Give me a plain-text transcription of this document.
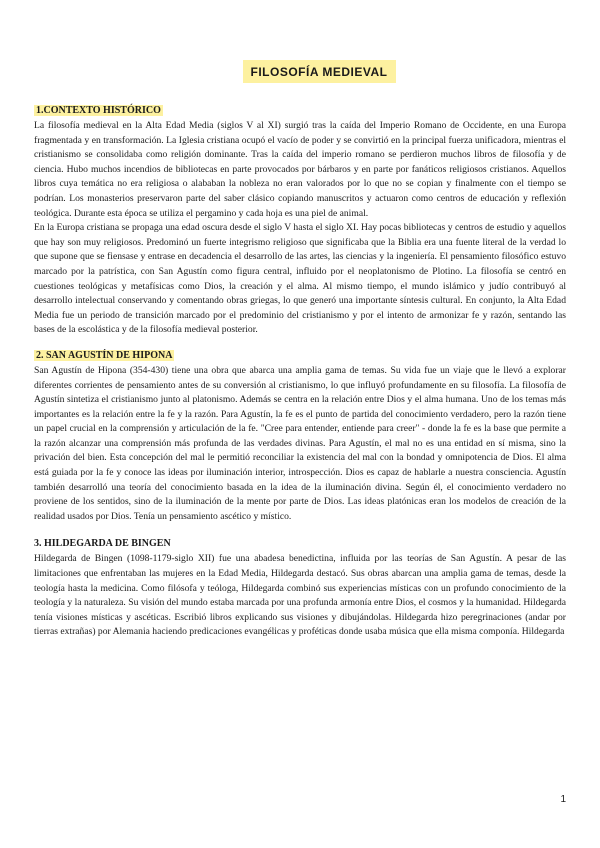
FILOSOFÍA MEDIEVAL
1.CONTEXTO HISTÓRICO

La filosofía medieval en la Alta Edad Media (siglos V al XI) surgió tras la caída del Imperio Romano de Occidente, en una Europa fragmentada y en transformación. La Iglesia cristiana ocupó el vacío de poder y se convirtió en la principal fuerza unificadora, mientras el cristianismo se consolidaba como religión dominante. Tras la caída del imperio romano se perdieron muchos libros de filosofía y de ciencia. Hubo muchos incendios de bibliotecas en parte provocados por bárbaros y en parte por fanáticos religiosos cristianos. Aquellos libros cuya temática no era religiosa o alababan la nobleza no eran valorados por lo que no se copian y finalmente con el tiempo se podrían. Los monasterios preservaron parte del saber clásico copiando manuscritos y actuaron como centros de educación y reflexión teológica. Durante esta época se utiliza el pergamino y cada hoja es una piel de animal.

En la Europa cristiana se propaga una edad oscura desde el siglo V hasta el siglo XI. Hay pocas bibliotecas y centros de estudio y aquellos que hay son muy religiosos. Predominó un fuerte integrismo religioso que significaba que la Biblia era una fuente literal de la verdad lo que supone que se fiensase y entrase en decadencia el desarrollo de las artes, las ciencias y la ingeniería. El pensamiento filosófico estuvo marcado por la patrística, con San Agustín como figura central, influido por el neoplatonismo de Plotino. La filosofía se centró en cuestiones teológicas y metafísicas como Dios, la creación y el alma. Al mismo tiempo, el mundo islámico y judío contribuyó al desarrollo intelectual conservando y comentando obras griegas, lo que generó una importante síntesis cultural. En conjunto, la Alta Edad Media fue un periodo de transición marcado por el predominio del cristianismo y por el intento de armonizar fe y razón, sentando las bases de la escolástica y de la filosofía medieval posterior.

2. SAN AGUSTÍN DE HIPONA

San Agustín de Hipona (354-430) tiene una obra que abarca una amplia gama de temas. Su vida fue un viaje que le llevó a explorar diferentes corrientes de pensamiento antes de su conversión al cristianismo, lo que influyó profundamente en su filosofía. La filosofía de Agustín sintetiza el cristianismo junto al platonismo. Además se centra en la relación entre Dios y el alma humana. Uno de los temas más importantes es la relación entre la fe y la razón. Para Agustín, la fe es el punto de partida del conocimiento verdadero, pero la razón tiene un papel crucial en la comprensión y articulación de la fe. "Cree para entender, entiende para creer" - donde la fe es la base que permite a la razón alcanzar una comprensión más profunda de las verdades divinas. Para Agustín, el mal no es una entidad en sí misma, sino la privación del bien. Esta concepción del mal le permitió reconciliar la existencia del mal con la bondad y omnipotencia de Dios. El alma está guiada por la fe y conoce las ideas por iluminación interior, introspección. Dios es capaz de hablarle a nuestra consciencia. Agustín también desarrolló una teoría del conocimiento basada en la idea de la iluminación divina. Según él, el conocimiento verdadero no proviene de los sentidos, sino de la iluminación de la mente por parte de Dios. Las ideas platónicas eran los modelos de creación de la realidad usados por Dios. Tenía un pensamiento ascético y místico.

3. HILDEGARDA DE BINGEN

Hildegarda de Bingen (1098-1179-siglo XII) fue una abadesa benedictina, influida por las teorías de San Agustín. A pesar de las limitaciones que enfrentaban las mujeres en la Edad Media, Hildegarda destacó. Sus obras abarcan una amplia gama de temas, desde la teología hasta la medicina. Como filósofa y teóloga, Hildegarda combinó sus experiencias místicas con un profundo conocimiento de la teología y la naturaleza. Su visión del mundo estaba marcada por una profunda armonía entre Dios, el cosmos y la humanidad. Hildegarda tenía visiones místicas y ascéticas. Escribió libros explicando sus visiones y dibujándolas. Hildegarda hizo peregrinaciones (andar por tierras extrañas) por Alemania haciendo predicaciones evangélicas y proféticas donde usaba música que ella misma componía. Hildegarda

1
